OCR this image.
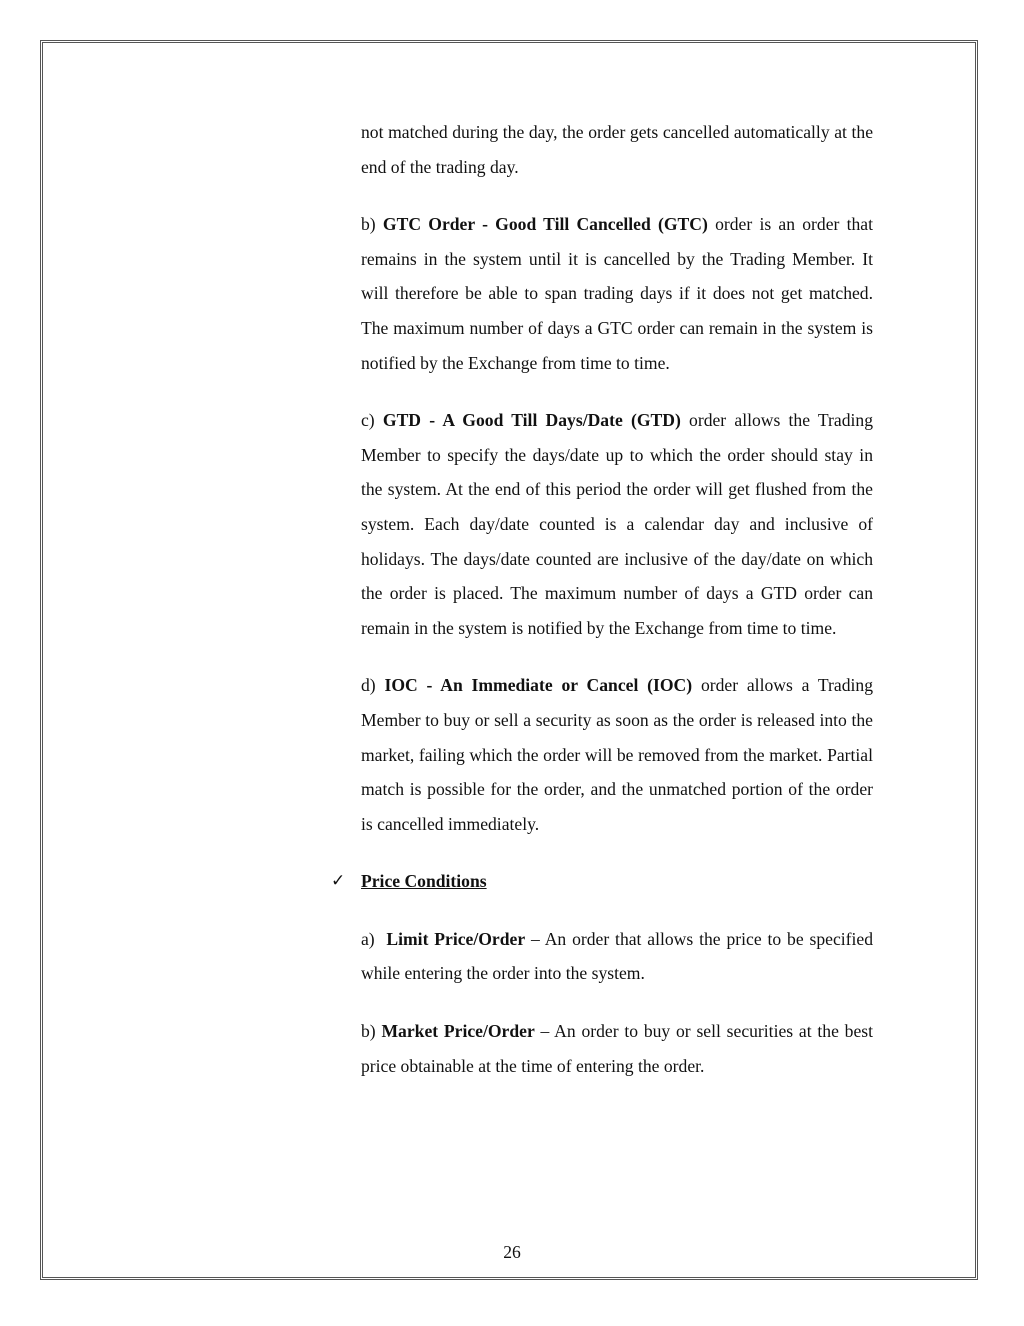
not matched during the day, the order gets cancelled automatically at the end of the trading day.

b) GTC Order - Good Till Cancelled (GTC) order is an order that remains in the system until it is cancelled by the Trading Member. It will therefore be able to span trading days if it does not get matched. The maximum number of days a GTC order can remain in the system is notified by the Exchange from time to time.

c) GTD - A Good Till Days/Date (GTD) order allows the Trading Member to specify the days/date up to which the order should stay in the system. At the end of this period the order will get flushed from the system. Each day/date counted is a calendar day and inclusive of holidays. The days/date counted are inclusive of the day/date on which the order is placed. The maximum number of days a GTD order can remain in the system is notified by the Exchange from time to time.

d) IOC - An Immediate or Cancel (IOC) order allows a Trading Member to buy or sell a security as soon as the order is released into the market, failing which the order will be removed from the market. Partial match is possible for the order, and the unmatched portion of the order is cancelled immediately.

✓ Price Conditions

a)  Limit Price/Order – An order that allows the price to be specified while entering the order into the system.

b) Market Price/Order – An order to buy or sell securities at the best price obtainable at the time of entering the order.

26
